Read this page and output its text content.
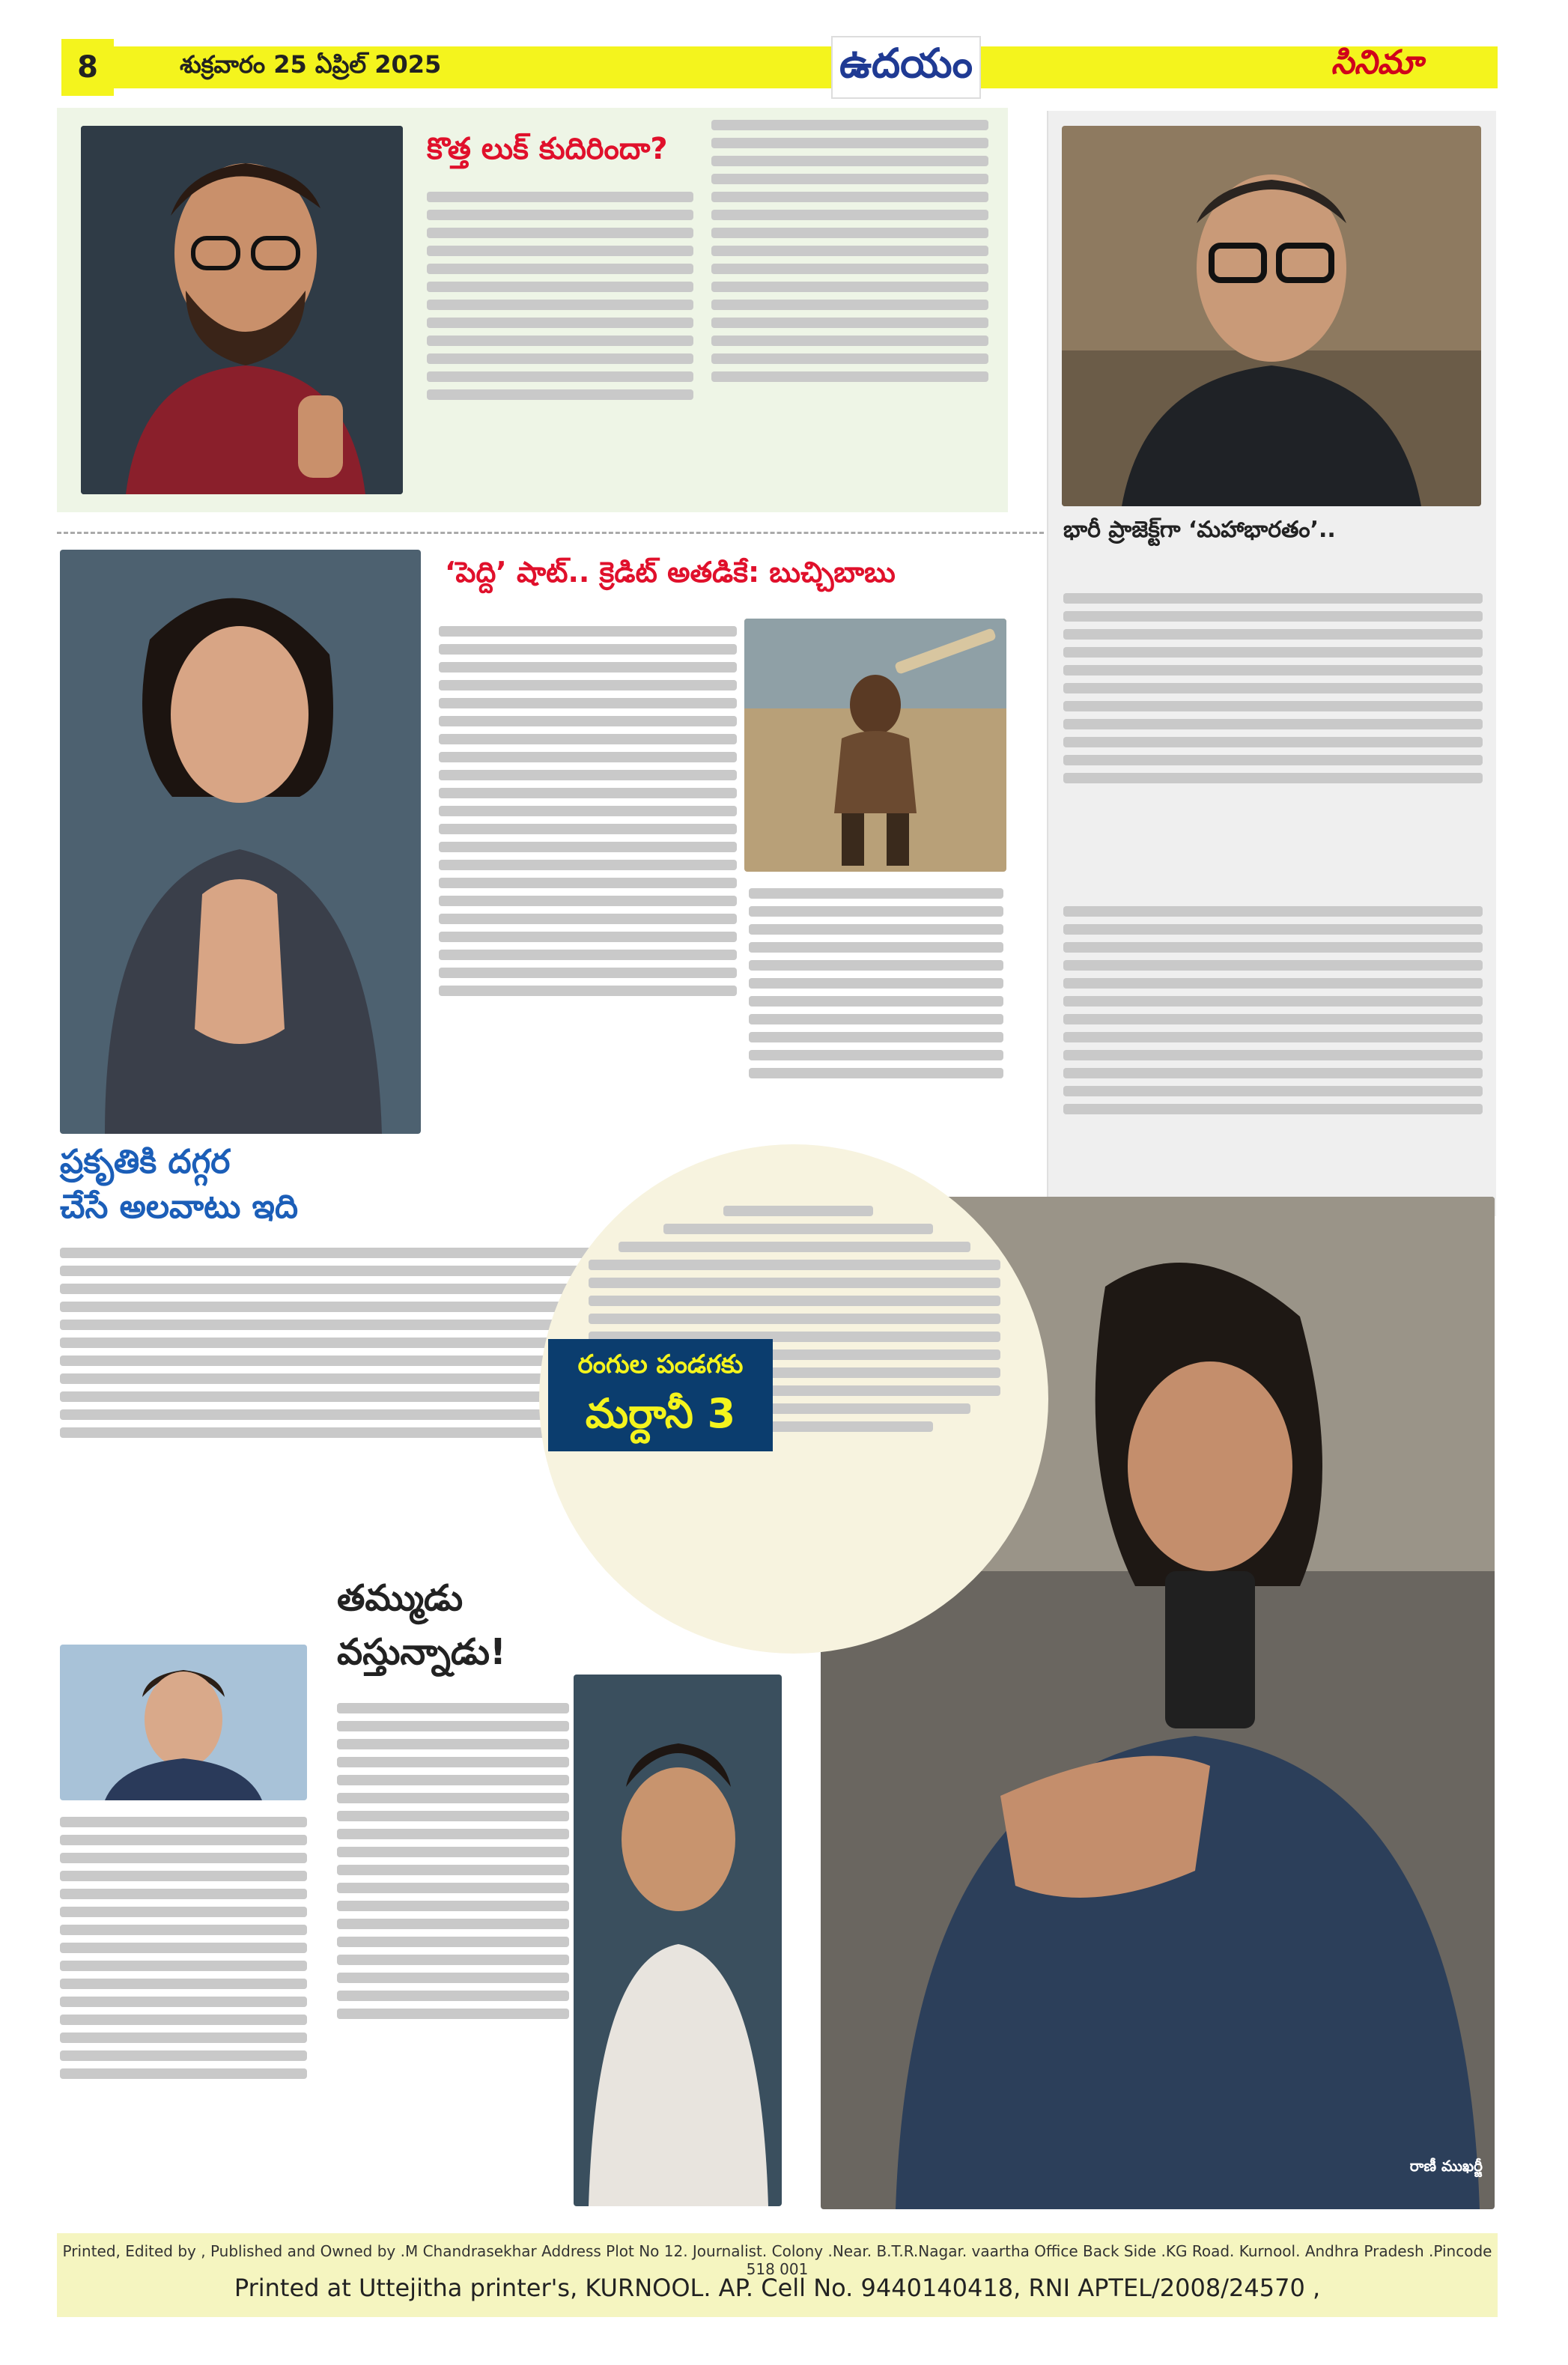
8	శుక్రవారం 25 ఏప్రిల్ 2025	ఉదయం	సినిమా
కొత్త లుక్ కుదిరిందా?
భారీ ప్రాజెక్ట్‌గా ‘మహాభారతం’..
ప్రకృతికి దగ్గర
చేసే అలవాటు ఇది
‘పెద్ది’ షాట్.. క్రెడిట్ అతడికే: బుచ్చిబాబు
రంగుల పండగకు
మర్దానీ 3
రాణీ ముఖర్జీ
తమ్ముడు
వస్తున్నాడు!
Printed, Edited by , Published and Owned by .M Chandrasekhar Address Plot No 12. Journalist. Colony .Near. B.T.R.Nagar. vaartha Office Back Side .KG Road. Kurnool. Andhra Pradesh .Pincode 518 001
Printed at Uttejitha printer's, KURNOOL. AP. Cell No. 9440140418, RNI APTEL/2008/24570 ,
